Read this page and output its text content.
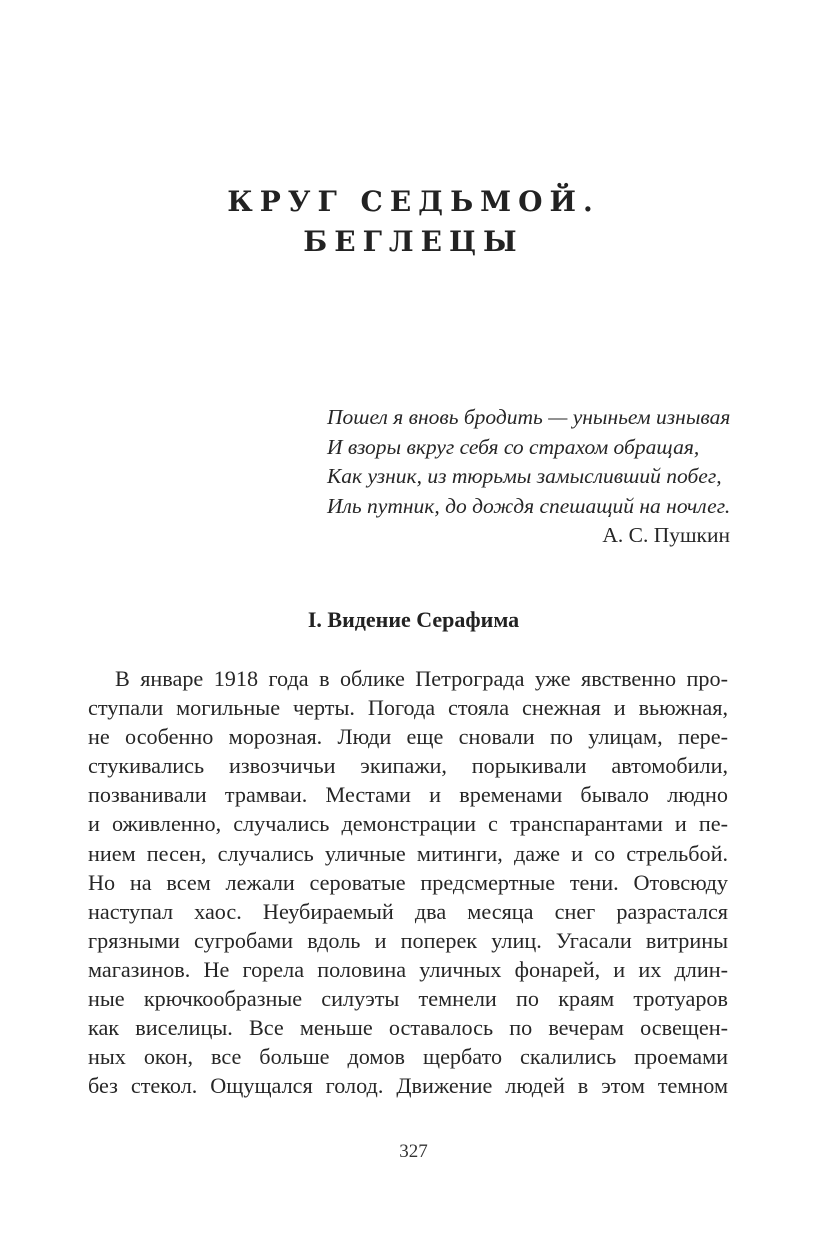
КРУГ СЕДЬМОЙ.
БЕГЛЕЦЫ
Пошел я вновь бродить — уныньем изнывая
И взоры вкруг себя со страхом обращая,
Как узник, из тюрьмы замысливший побег,
Иль путник, до дождя спешащий на ночлег.
А. С. Пушкин
I. Видение Серафима
В январе 1918 года в облике Петрограда уже явственно про-
ступали могильные черты. Погода стояла снежная и вьюжная,
не особенно морозная. Люди еще сновали по улицам, пере-
стукивались извозчичьи экипажи, порыкивали автомобили,
позванивали трамваи. Местами и временами бывало людно
и оживленно, случались демонстрации с транспарантами и пе-
нием песен, случались уличные митинги, даже и со стрельбой.
Но на всем лежали сероватые предсмертные тени. Отовсюду
наступал хаос. Неубираемый два месяца снег разрастался
грязными сугробами вдоль и поперек улиц. Угасали витрины
магазинов. Не горела половина уличных фонарей, и их длин-
ные крючкообразные силуэты темнели по краям тротуаров
как виселицы. Все меньше оставалось по вечерам освещен-
ных окон, все больше домов щербато скалились проемами
без стекол. Ощущался голод. Движение людей в этом темном
327
